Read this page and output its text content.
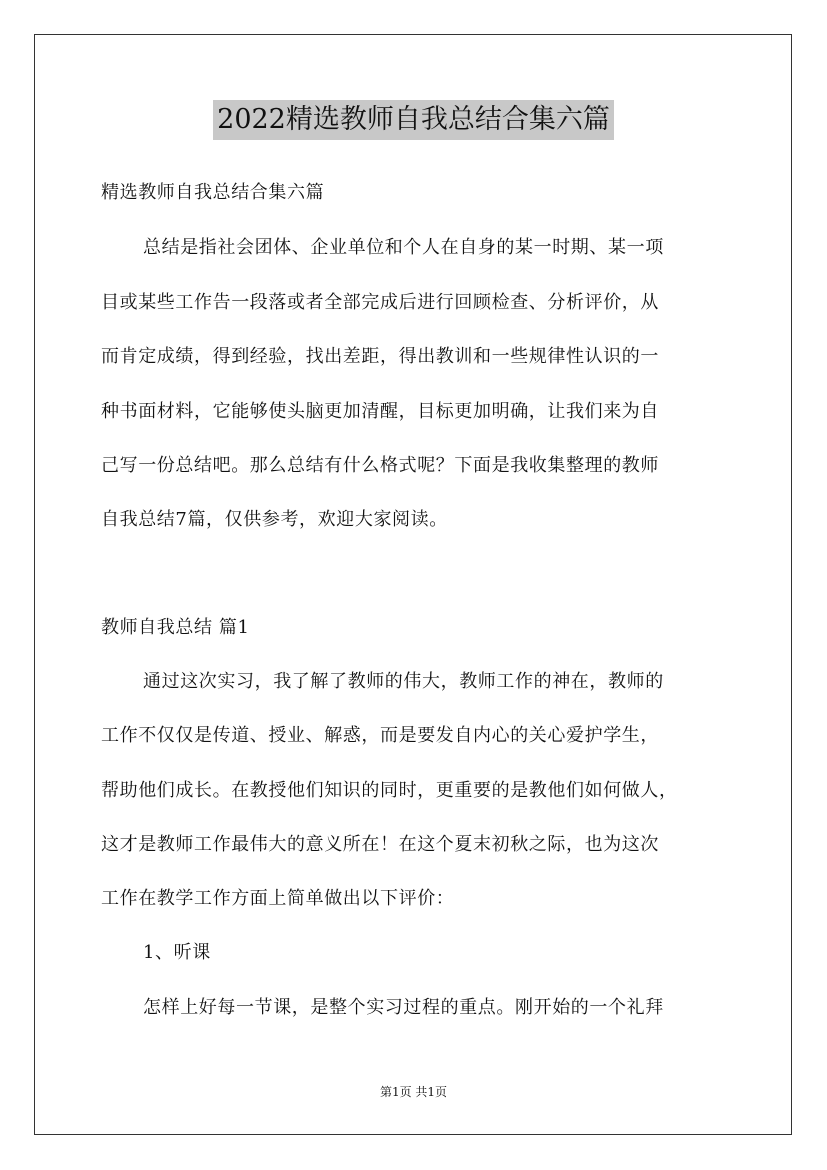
2022精选教师自我总结合集六篇
精选教师自我总结合集六篇
总结是指社会团体、企业单位和个人在自身的某一时期、某一项
目或某些工作告一段落或者全部完成后进行回顾检查、分析评价，从
而肯定成绩，得到经验，找出差距，得出教训和一些规律性认识的一
种书面材料，它能够使头脑更加清醒，目标更加明确，让我们来为自
己写一份总结吧。那么总结有什么格式呢？下面是我收集整理的教师
自我总结7篇，仅供参考，欢迎大家阅读。
教师自我总结 篇1
通过这次实习，我了解了教师的伟大，教师工作的神在，教师的
工作不仅仅是传道、授业、解惑，而是要发自内心的关心爱护学生，
帮助他们成长。在教授他们知识的同时，更重要的是教他们如何做人，
这才是教师工作最伟大的意义所在！在这个夏末初秋之际，也为这次
工作在教学工作方面上简单做出以下评价：
1、听课
怎样上好每一节课，是整个实习过程的重点。刚开始的一个礼拜
第1页 共1页
